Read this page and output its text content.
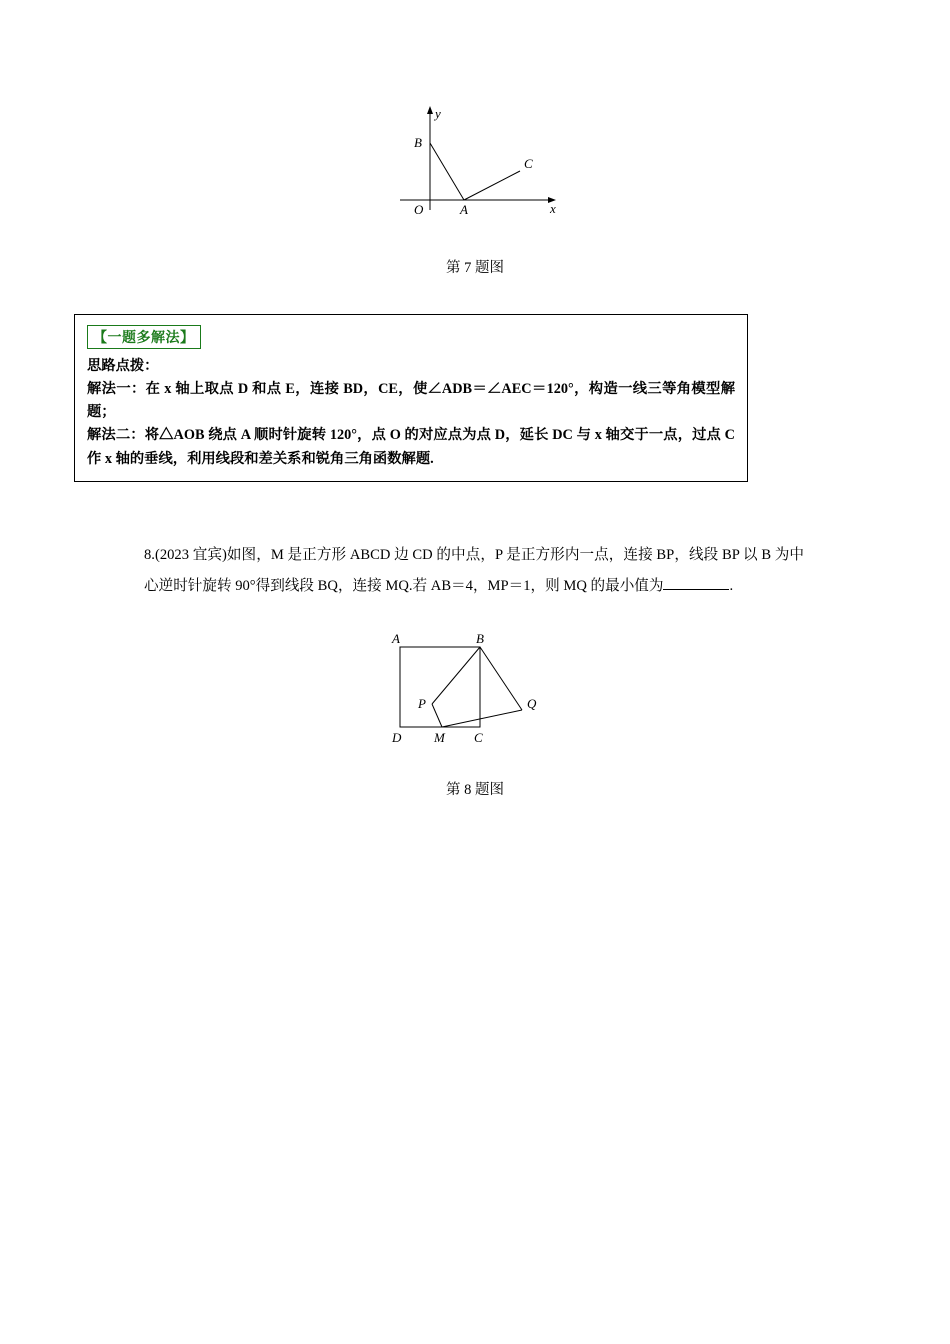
B
C
O	A	x
y
第 7 题图
【一题多解法】
思路点拨：
解法一：在 x 轴上取点 D 和点 E，连接 BD，CE，使∠ADB＝∠AEC＝120°，构造一线三等角模型解题；
解法二：将△AOB 绕点 A 顺时针旋转 120°，点 O 的对应点为点 D，延长 DC 与 x 轴交于一点，过点 C 作 x 轴的垂线，利用线段和差关系和锐角三角函数解题.
8.(2023 宜宾)如图，M 是正方形 ABCD 边 CD 的中点，P 是正方形内一点，连接 BP，线段 BP 以 B 为中心逆时针旋转 90°得到线段 BQ，连接 MQ.若 AB＝4，MP＝1，则 MQ 的最小值为	.
A	B
Q
P
D	M C
第 8 题图
